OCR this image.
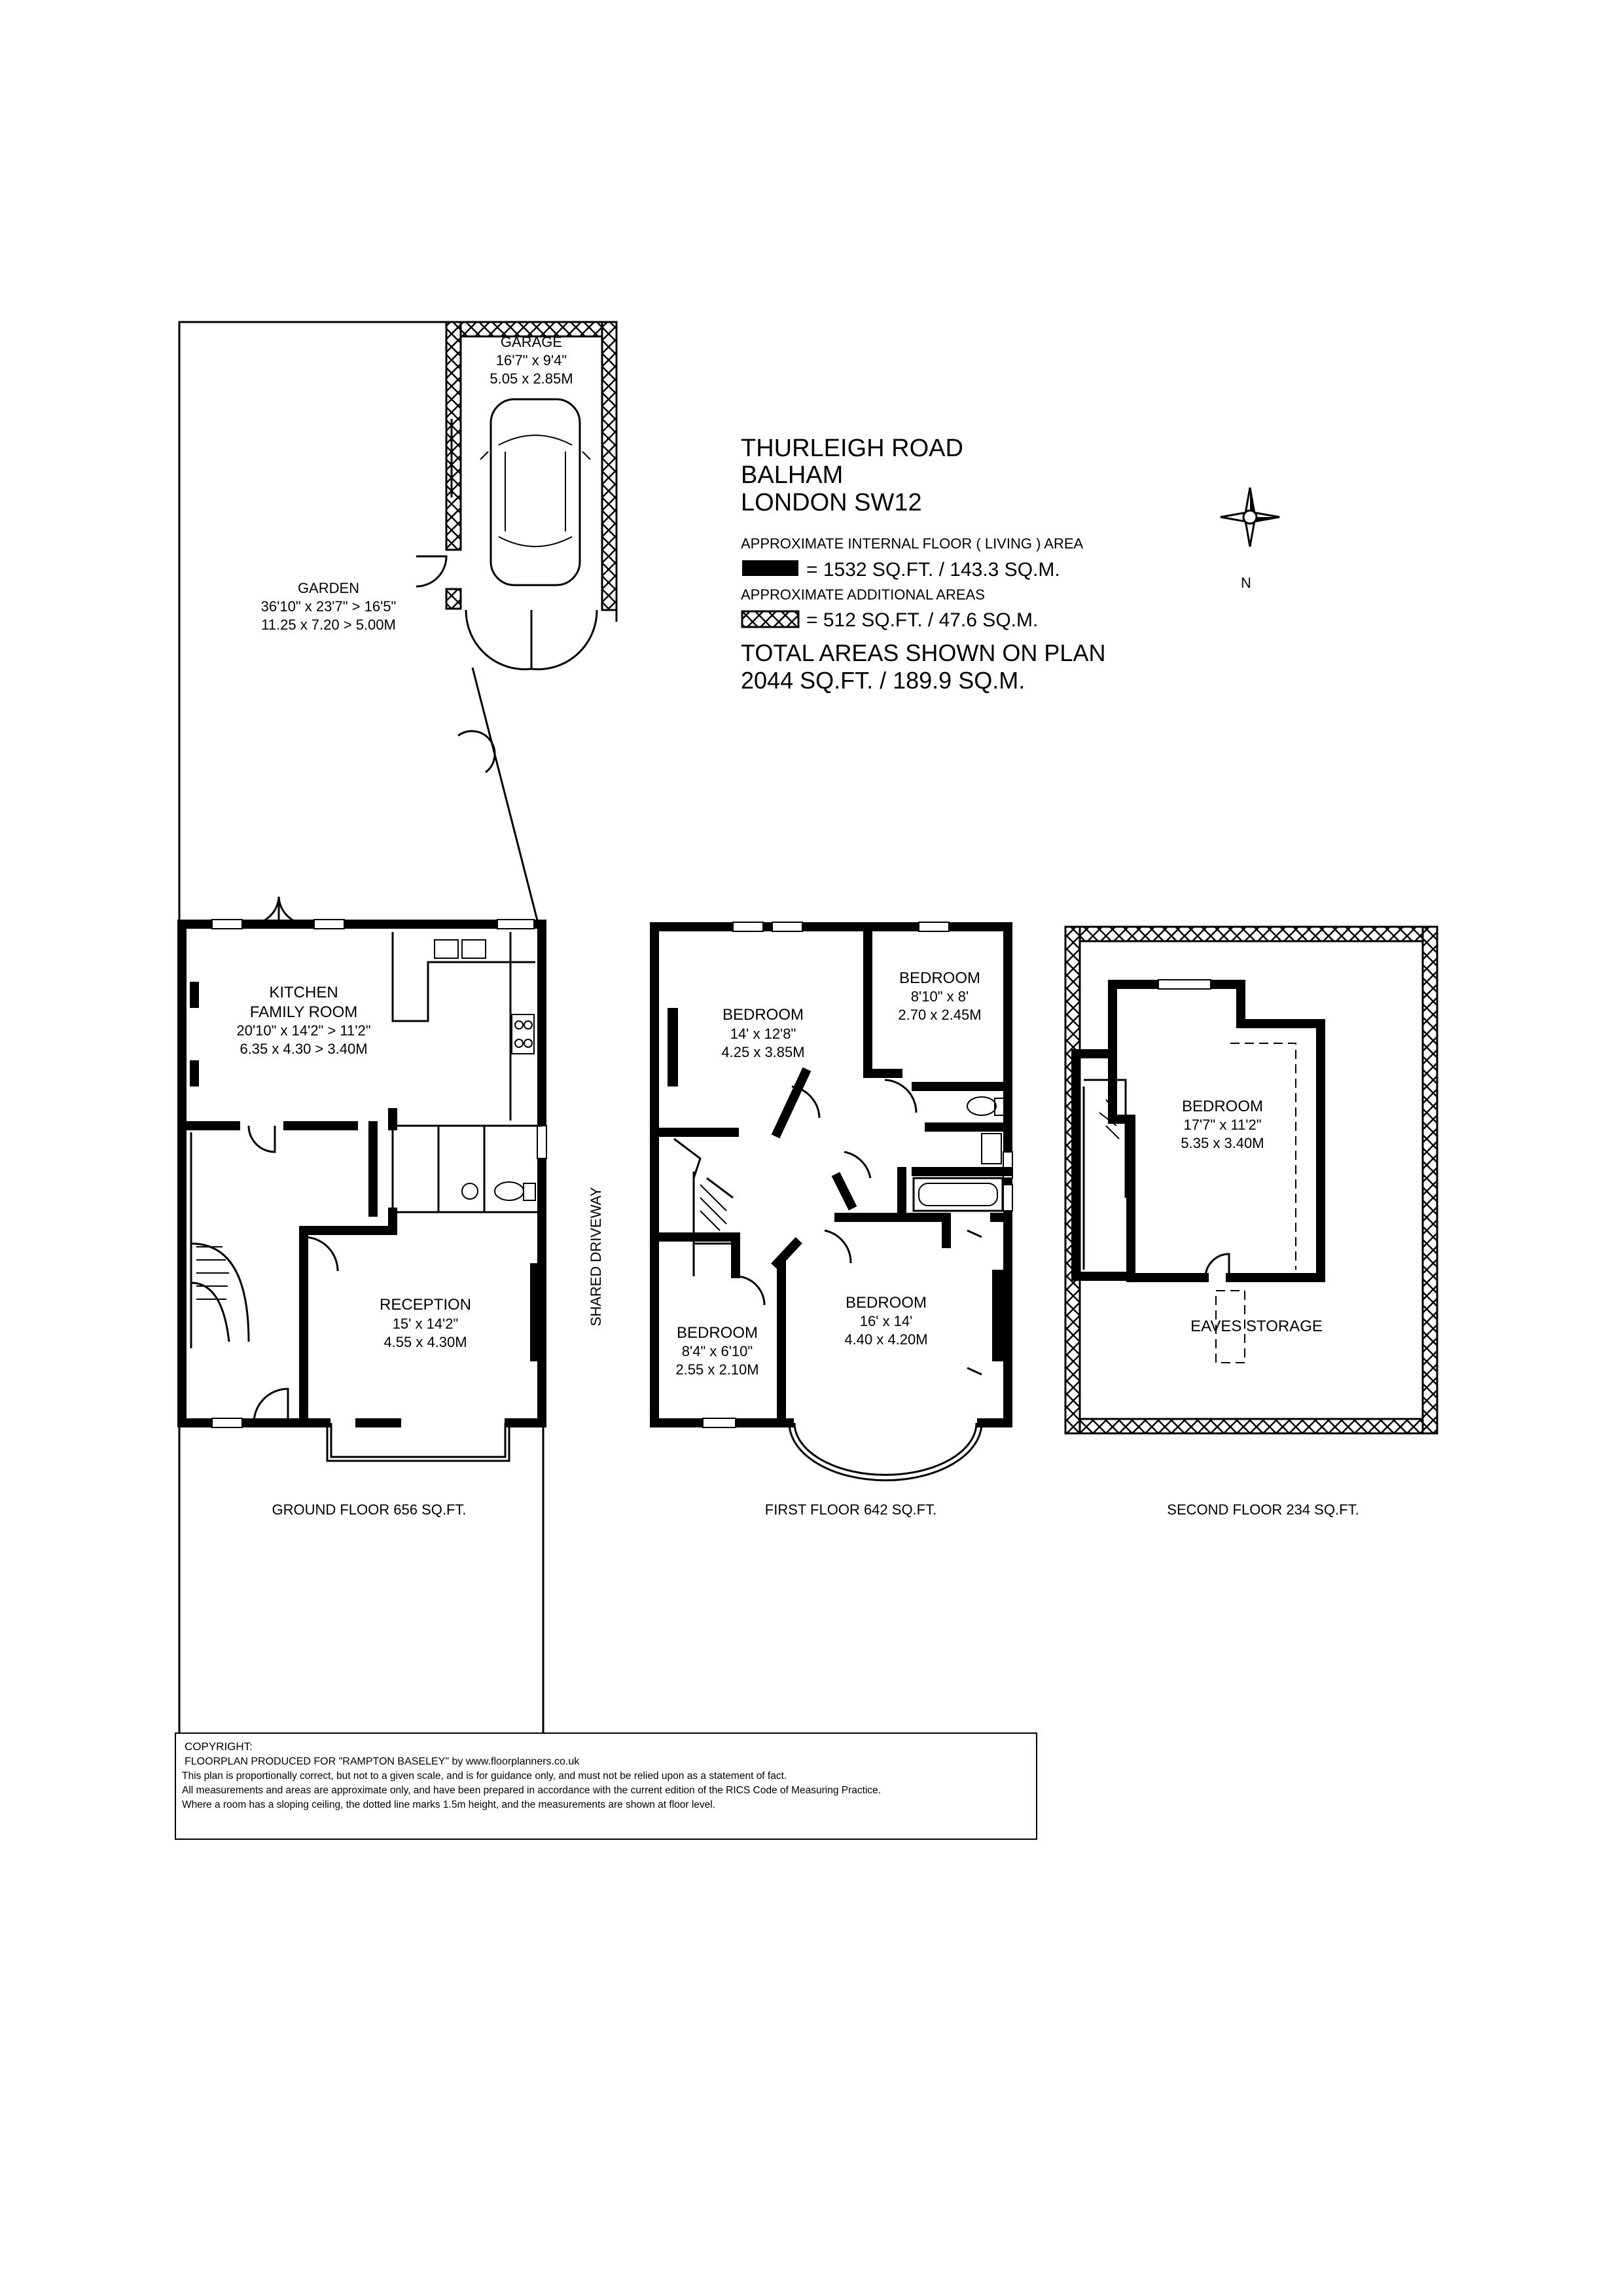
THURLEIGH ROAD
BALHAM
LONDON SW12
APPROXIMATE INTERNAL FLOOR ( LIVING ) AREA
= 1532 SQ.FT. / 143.3 SQ.M.
APPROXIMATE ADDITIONAL AREAS
= 512 SQ.FT. / 47.6 SQ.M.
TOTAL AREAS SHOWN ON PLAN
2044 SQ.FT. / 189.9 SQ.M.
N
GARAGE
16'7" x 9'4"
5.05 x 2.85M
GARDEN
36'10" x 23'7" > 16'5"
11.25 x 7.20 > 5.00M
KITCHEN
FAMILY ROOM
20'10" x 14'2" > 11'2"
6.35 x 4.30 > 3.40M
RECEPTION
15' x 14'2"
4.55 x 4.30M
SHARED DRIVEWAY
GROUND FLOOR 656 SQ.FT.
BEDROOM
14' x 12'8"
4.25 x 3.85M
BEDROOM
8'10" x 8'
2.70 x 2.45M
BEDROOM
8'4" x 6'10"
2.55 x 2.10M
BEDROOM
16' x 14'
4.40 x 4.20M
FIRST FLOOR 642 SQ.FT.
BEDROOM
17'7" x 11'2"
5.35 x 3.40M
EAVES STORAGE
SECOND FLOOR 234 SQ.FT.
COPYRIGHT:
FLOORPLAN PRODUCED FOR "RAMPTON BASELEY" by www.floorplanners.co.uk
This plan is proportionally correct, but not to a given scale, and is for guidance only, and must not be relied upon as a statement of fact.
All measurements and areas are approximate only, and have been prepared in accordance with the current edition of the RICS Code of Measuring Practice.
Where a room has a sloping ceiling, the dotted line marks 1.5m height, and the measurements are shown at floor level.
